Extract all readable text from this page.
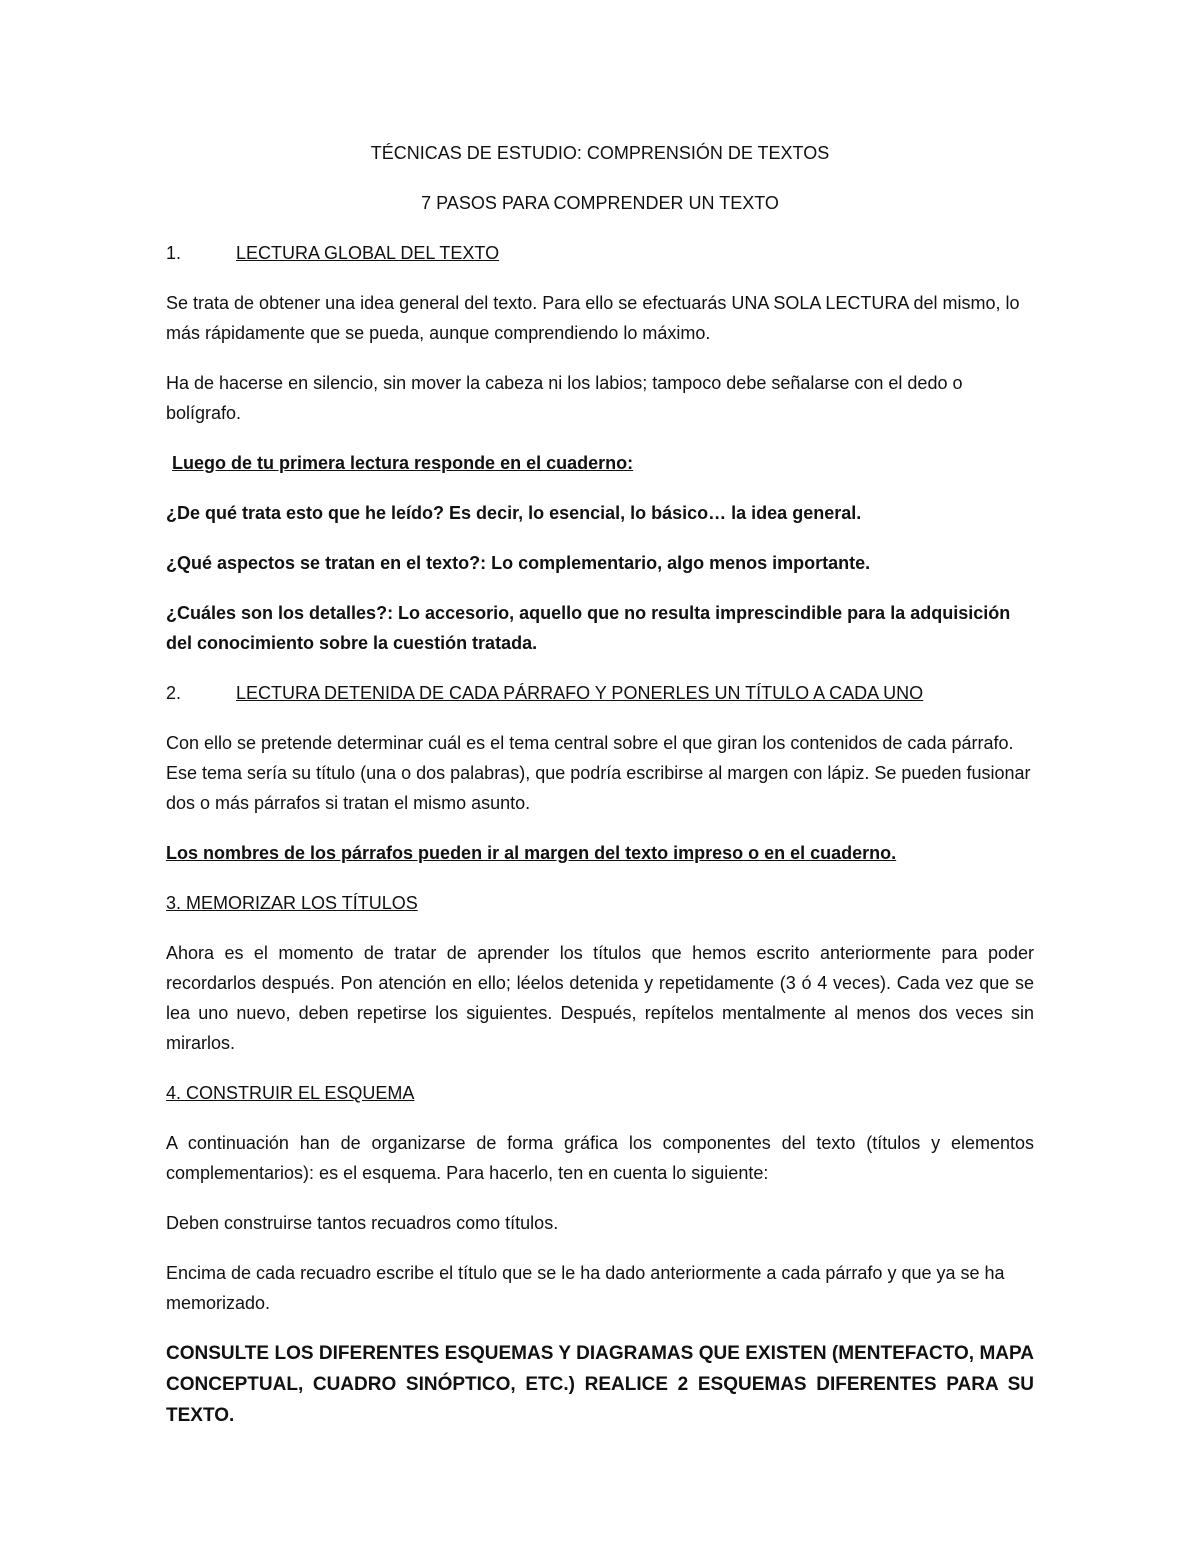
TÉCNICAS DE ESTUDIO: COMPRENSIÓN DE TEXTOS
7 PASOS PARA COMPRENDER UN TEXTO
1.	LECTURA GLOBAL DEL TEXTO

Se trata de obtener una idea general del texto. Para ello se efectuarás UNA SOLA LECTURA del mismo, lo más rápidamente que se pueda, aunque comprendiendo lo máximo.

Ha de hacerse en silencio, sin mover la cabeza ni los labios; tampoco debe señalarse con el dedo o bolígrafo.

Luego de tu primera lectura responde en el cuaderno:

¿De qué trata esto que he leído? Es decir, lo esencial, lo básico… la idea general.

¿Qué aspectos se tratan en el texto?: Lo complementario, algo menos importante.

¿Cuáles son los detalles?: Lo accesorio, aquello que no resulta imprescindible para la adquisición del conocimiento sobre la cuestión tratada.

2.	LECTURA DETENIDA DE CADA PÁRRAFO Y PONERLES UN TÍTULO A CADA UNO

Con ello se pretende determinar cuál es el tema central sobre el que giran los contenidos de cada párrafo. Ese tema sería su título (una o dos palabras), que podría escribirse al margen con lápiz. Se pueden fusionar dos o más párrafos si tratan el mismo asunto.

Los nombres de los párrafos pueden ir al margen del texto impreso o en el cuaderno.

3. MEMORIZAR LOS TÍTULOS

Ahora es el momento de tratar de aprender los títulos que hemos escrito anteriormente para poder recordarlos después. Pon atención en ello; léelos detenida y repetidamente (3 ó 4 veces). Cada vez que se lea uno nuevo, deben repetirse los siguientes. Después, repítelos mentalmente al menos dos veces sin mirarlos.

4. CONSTRUIR EL ESQUEMA

A continuación han de organizarse de forma gráfica los componentes del texto (títulos y elementos complementarios): es el esquema. Para hacerlo, ten en cuenta lo siguiente:

Deben construirse tantos recuadros como títulos.

Encima de cada recuadro escribe el título que se le ha dado anteriormente a cada párrafo y que ya se ha memorizado.

CONSULTE LOS DIFERENTES ESQUEMAS Y DIAGRAMAS QUE EXISTEN (MENTEFACTO, MAPA CONCEPTUAL, CUADRO SINÓPTICO, ETC.) REALICE 2 ESQUEMAS DIFERENTES PARA SU TEXTO.
